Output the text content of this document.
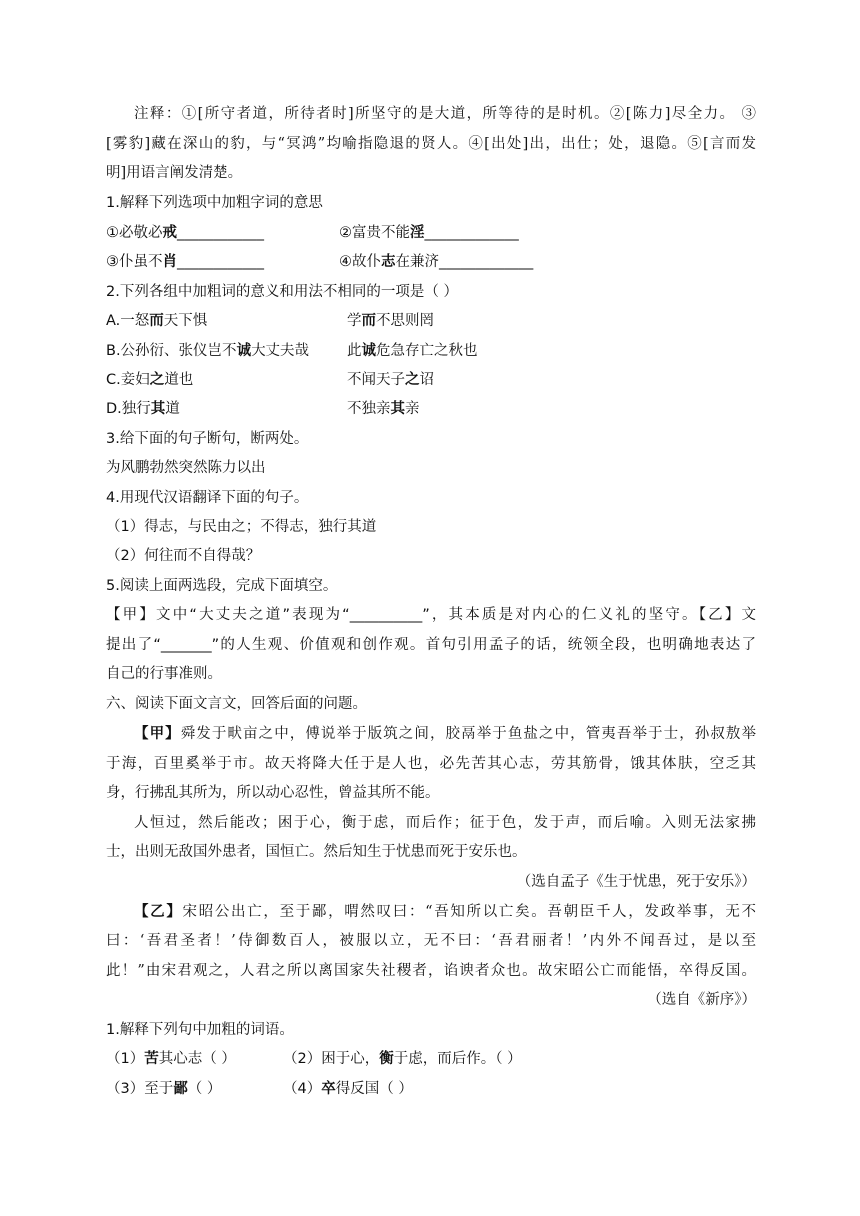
注释：①[所守者道，所待者时]所坚守的是大道，所等待的是时机。②[陈力]尽全力。 ③
[雾豹]藏在深山的豹，与“冥鸿”均喻指隐退的贤人。④[出处]出，出仕；处，退隐。⑤[言而发
明]用语言阐发清楚。
1.解释下列选项中加粗字词的意思
①必敬必戒____________	②富贵不能淫_____________
③仆虽不肖____________	④故仆志在兼济_____________
2.下列各组中加粗词的意义和用法不相同的一项是（ ）
A.一怒而天下惧	学而不思则罔
B.公孙衍、张仪岂不诚大丈夫哉	此诚危急存亡之秋也
C.妾妇之道也	不闻天子之诏
D.独行其道	不独亲其亲
3.给下面的句子断句，断两处。
为风鹏勃然突然陈力以出
4.用现代汉语翻译下面的句子。
（1）得志，与民由之；不得志，独行其道
（2）何往而不自得哉？
5.阅读上面两选段，完成下面填空。
【甲】文中“大丈夫之道”表现为“__________”，其本质是对内心的仁义礼的坚守。【乙】文
提出了“_______”的人生观、价值观和创作观。首句引用孟子的话，统领全段，也明确地表达了
自己的行事准则。
六、阅读下面文言文，回答后面的问题。
【甲】舜发于畎亩之中，傅说举于版筑之间，胶鬲举于鱼盐之中，管夷吾举于士，孙叔敖举
于海，百里奚举于市。故天将降大任于是人也，必先苦其心志，劳其筋骨，饿其体肤，空乏其
身，行拂乱其所为，所以动心忍性，曾益其所不能。
人恒过，然后能改；困于心，衡于虑，而后作；征于色，发于声，而后喻。入则无法家拂
士，出则无敌国外患者，国恒亡。然后知生于忧患而死于安乐也。
（选自孟子《生于忧患，死于安乐》）
【乙】宋昭公出亡，至于鄙，喟然叹曰：“吾知所以亡矣。吾朝臣千人，发政举事，无不
曰：‘吾君圣者！’侍御数百人，被服以立，无不曰：‘吾君丽者！’内外不闻吾过，是以至
此！”由宋君观之，人君之所以离国家失社稷者，谄谀者众也。故宋昭公亡而能悟，卒得反国。
（选自《新序》）
1.解释下列句中加粗的词语。
（1）苦其心志（ ）	（2）困于心，衡于虑，而后作。（ ）
（3）至于鄙（ ）	（4）卒得反国（ ）
